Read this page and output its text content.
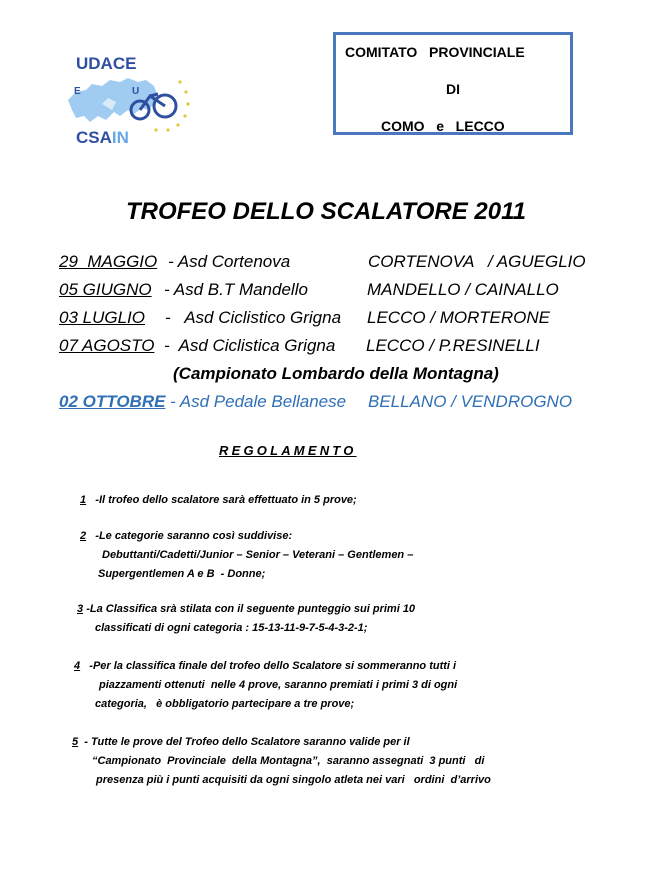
UDACE
E	U
CSAIN
COMITATO   PROVINCIALE
DI
COMO   e   LECCO
TROFEO DELLO SCALATORE 2011
29  MAGGIO - Asd Cortenova	CORTENOVA   / AGUEGLIO
05 GIUGNO - Asd B.T Mandello	MANDELLO / CAINALLO
03 LUGLIO -   Asd Ciclistico Grigna LECCO / MORTERONE
07 AGOSTO -  Asd Ciclistica Grigna LECCO / P.RESINELLI
(Campionato Lombardo della Montagna)
02 OTTOBRE - Asd Pedale Bellanese BELLANO / VENDROGNO
REGOLAMENTO
1 -Il trofeo dello scalatore sarà effettuato in 5 prove;
2 -Le categorie saranno così suddivise:
Debuttanti/Cadetti/Junior – Senior – Veterani – Gentlemen –
Supergentlemen A e B  - Donne;
3 -La Classifica srà stilata con il seguente punteggio sui primi 10
classificati di ogni categoria : 15-13-11-9-7-5-4-3-2-1;
4 -Per la classifica finale del trofeo dello Scalatore si sommeranno tutti i
piazzamenti ottenuti  nelle 4 prove, saranno premiati i primi 3 di ogni
categoria,   è obbligatorio partecipare a tre prove;
5 - Tutte le prove del Trofeo dello Scalatore saranno valide per il
“Campionato  Provinciale  della Montagna”,  saranno assegnati  3 punti   di
presenza più i punti acquisiti da ogni singolo atleta nei vari   ordini  d’arrivo
